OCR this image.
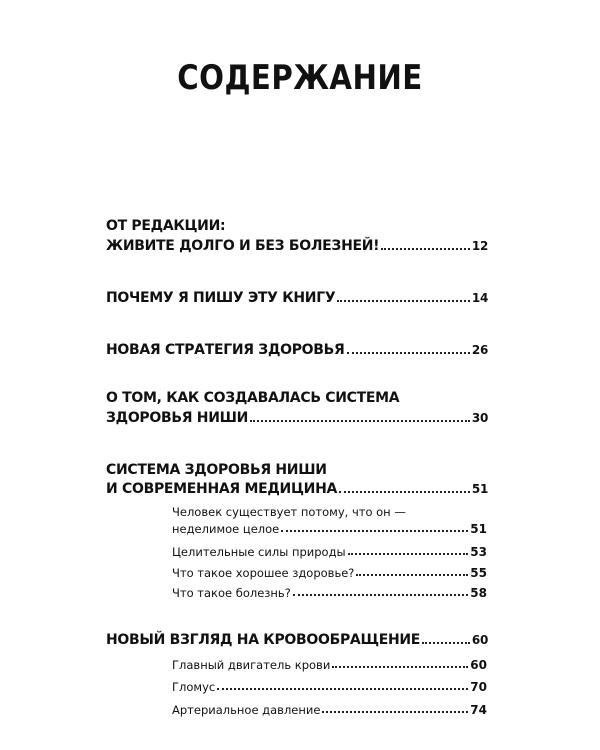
СОДЕРЖАНИЕ
ОТ РЕДАКЦИИ:
ЖИВИТЕ ДОЛГО И БЕЗ БОЛЕЗНЕЙ!	12
ПОЧЕМУ Я ПИШУ ЭТУ КНИГУ	14
НОВАЯ СТРАТЕГИЯ ЗДОРОВЬЯ	26
О ТОМ, КАК СОЗДАВАЛАСЬ СИСТЕМА
ЗДОРОВЬЯ НИШИ	30
СИСТЕМА ЗДОРОВЬЯ НИШИ
И СОВРЕМЕННАЯ МЕДИЦИНА	51
Человек существует потому, что он —
неделимое целое	51
Целительные силы природы	53
Что такое хорошее здоровье?	55
Что такое болезнь?	58
НОВЫЙ ВЗГЛЯД НА КРОВООБРАЩЕНИЕ	60
Главный двигатель крови	60
Гломус	70
Артериальное давление	74
